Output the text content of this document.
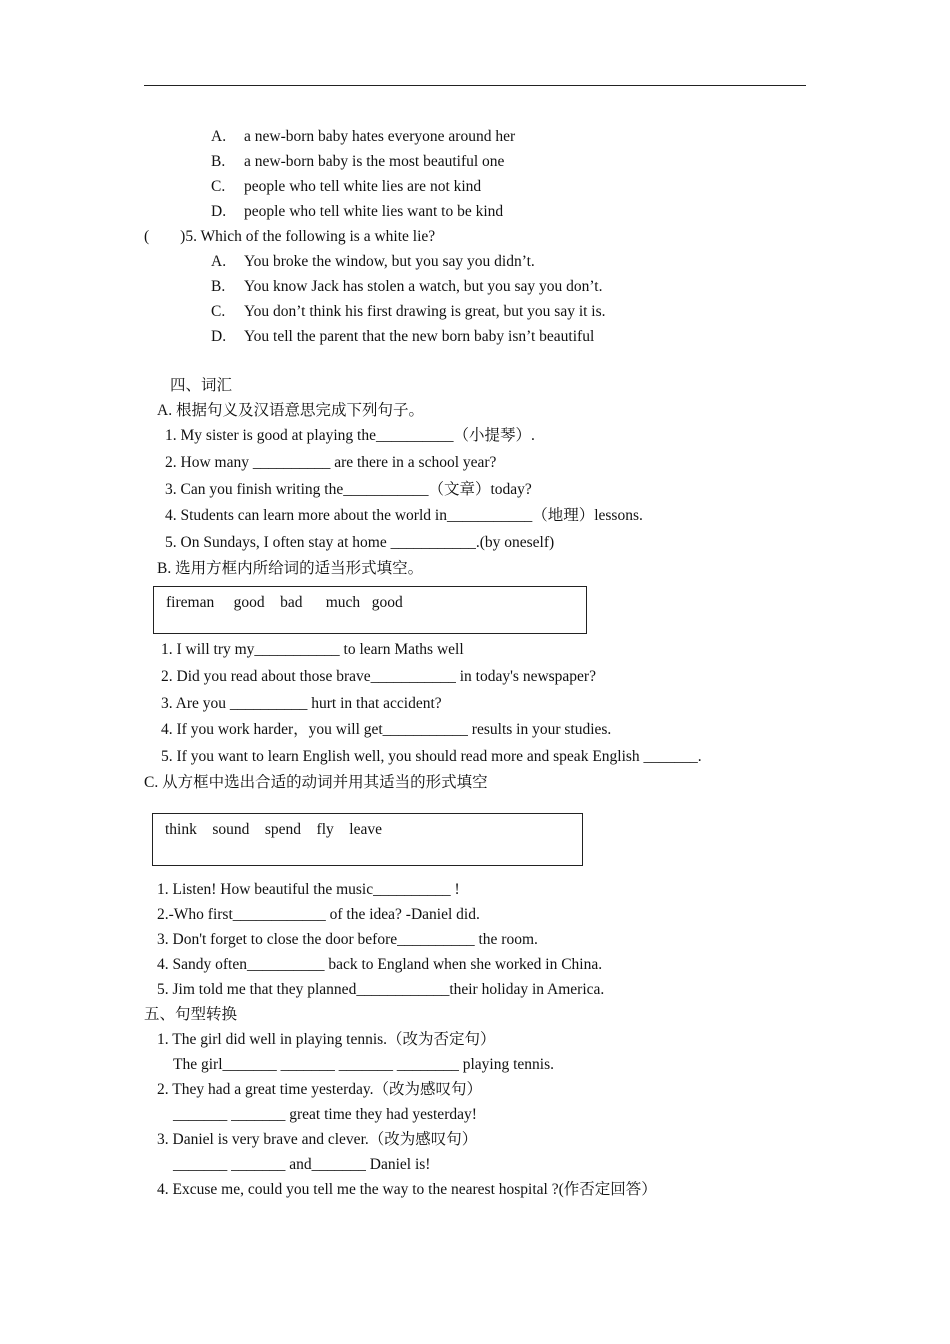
A. a new-born baby hates everyone around her
B. a new-born baby is the most beautiful one
C. people who tell white lies are not kind
D. people who tell white lies want to be kind
(        )5. Which of the following is a white lie?
A. You broke the window, but you say you didn’t.
B. You know Jack has stolen a watch, but you say you don’t.
C. You don’t think his first drawing is great, but you say it is.
D. You tell the parent that the new born baby isn’t beautiful
四、词汇
A. 根据句义及汉语意思完成下列句子。
1. My sister is good at playing the__________（小提琴）.
2. How many __________ are there in a school year?
3. Can you finish writing the___________（文章）today?
4. Students can learn more about the world in___________（地理）lessons.
5. On Sundays, I often stay at home ___________.(by oneself)
B. 选用方框内所给词的适当形式填空。
fireman     good    bad      much   good
1. I will try my___________ to learn Maths well
2. Did you read about those brave___________ in today's newspaper?
3. Are you __________ hurt in that accident?
4. If you work harder，you will get___________ results in your studies.
5. If you want to learn English well, you should read more and speak English _______.
C. 从方框中选出合适的动词并用其适当的形式填空
think    sound    spend    fly    leave
1. Listen! How beautiful the music__________ !
2.-Who first____________ of the idea? -Daniel did.
3. Don't forget to close the door before__________ the room.
4. Sandy often__________ back to England when she worked in China.
5. Jim told me that they planned____________their holiday in America.
五、句型转换
1. The girl did well in playing tennis.（改为否定句）
The girl_______ _______ _______ ________ playing tennis.
2. They had a great time yesterday.（改为感叹句）
_______ _______ great time they had yesterday!
3. Daniel is very brave and clever.（改为感叹句）
_______ _______ and_______ Daniel is!
4. Excuse me, could you tell me the way to the nearest hospital ?(作否定回答）
